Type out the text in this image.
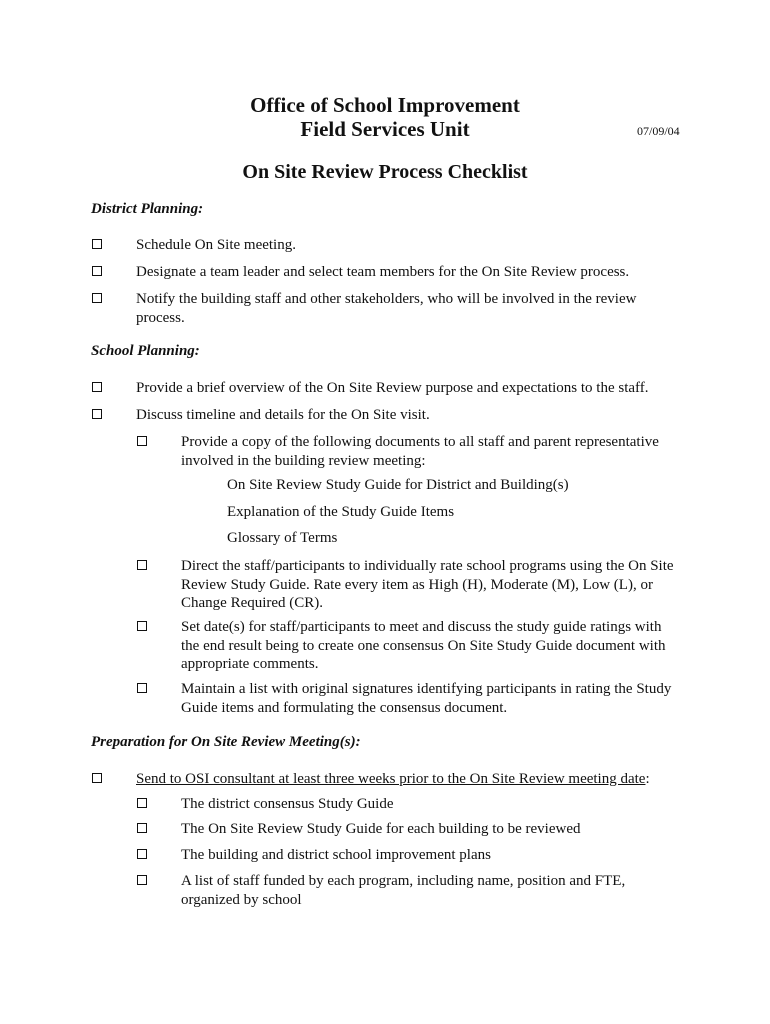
Office of School Improvement
Field Services Unit	07/09/04
On Site Review Process Checklist
District Planning:
Schedule On Site meeting.
Designate a team leader and select team members for the On Site Review process.
Notify the building staff and other stakeholders, who will be involved in the review process.
School Planning:
Provide a brief overview of the On Site Review purpose and expectations to the staff.
Discuss timeline and details for the On Site visit.
Provide a copy of the following documents to all staff and parent representative involved in the building review meeting:
On Site Review Study Guide for District and Building(s)
Explanation of the Study Guide Items
Glossary of Terms
Direct the staff/participants to individually rate school programs using the On Site Review Study Guide. Rate every item as High (H), Moderate (M), Low (L), or Change Required (CR).
Set date(s) for staff/participants to meet and discuss the study guide ratings with the end result being to create one consensus On Site Study Guide document with appropriate comments.
Maintain a list with original signatures identifying participants in rating the Study Guide items and formulating the consensus document.
Preparation for On Site Review Meeting(s):
Send to OSI consultant at least three weeks prior to the On Site Review meeting date:
The district consensus Study Guide
The On Site Review Study Guide for each building to be reviewed
The building and district school improvement plans
A list of staff funded by each program, including name, position and FTE, organized by school
